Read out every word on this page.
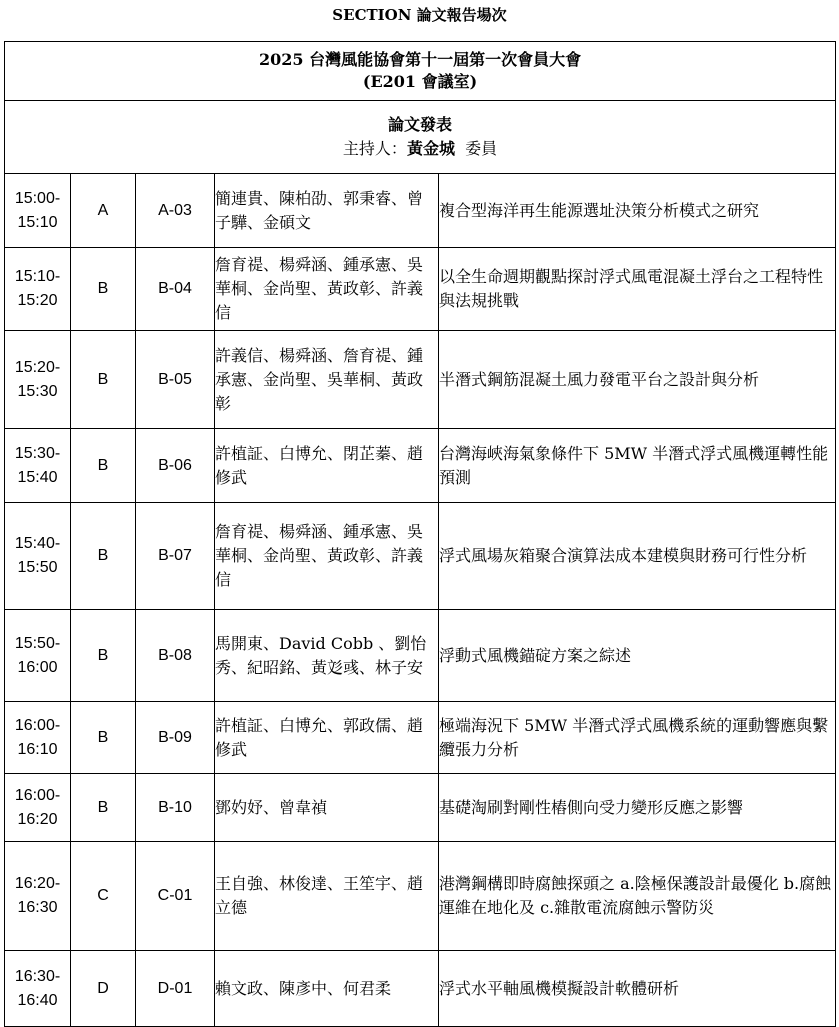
SECTION 論文報告場次
2025 台灣風能協會第十一屆第一次會員大會
(E201 會議室)				

論文發表
主持人：黃金城 委員				

15:00-
15:10	A	A-03	簡連貴、陳柏劭、郭秉睿、曾子驊、金碩文	複合型海洋再生能源選址決策分析模式之研究

15:10-
15:20	B	B-04	詹育禔、楊舜涵、鍾承憲、吳華桐、金尚聖、黃政彰、許義信	以全生命週期觀點探討浮式風電混凝土浮台之工程特性與法規挑戰

15:20-
15:30	B	B-05	許義信、楊舜涵、詹育禔、鍾承憲、金尚聖、吳華桐、黃政彰	半潛式鋼筋混凝土風力發電平台之設計與分析

15:30-
15:40	B	B-06	許植証、白博允、閉芷蓁、趙修武	台灣海峽海氣象條件下 5MW 半潛式浮式風機運轉性能預測

15:40-
15:50	B	B-07	詹育禔、楊舜涵、鍾承憲、吳華桐、金尚聖、黃政彰、許義信	浮式風場灰箱聚合演算法成本建模與財務可行性分析

15:50-
16:00	B	B-08	馬開東、David Cobb 、劉怡秀、紀昭銘、黃彣彧、林子安	浮動式風機錨碇方案之綜述

16:00-
16:10	B	B-09	許植証、白博允、郭政儒、趙修武	極端海況下 5MW 半潛式浮式風機系統的運動響應與繫纜張力分析

16:00-
16:20	B	B-10	鄧妁妤、曾韋禎	基礎淘刷對剛性樁側向受力變形反應之影響

16:20-
16:30	C	C-01	王自強、林俊達、王笙宇、趙立德	港灣鋼構即時腐蝕探頭之 a.陰極保護設計最優化 b.腐蝕運維在地化及 c.雜散電流腐蝕示警防災

16:30-
16:40	D	D-01	賴文政、陳彥中、何君柔	浮式水平軸風機模擬設計軟體研析
